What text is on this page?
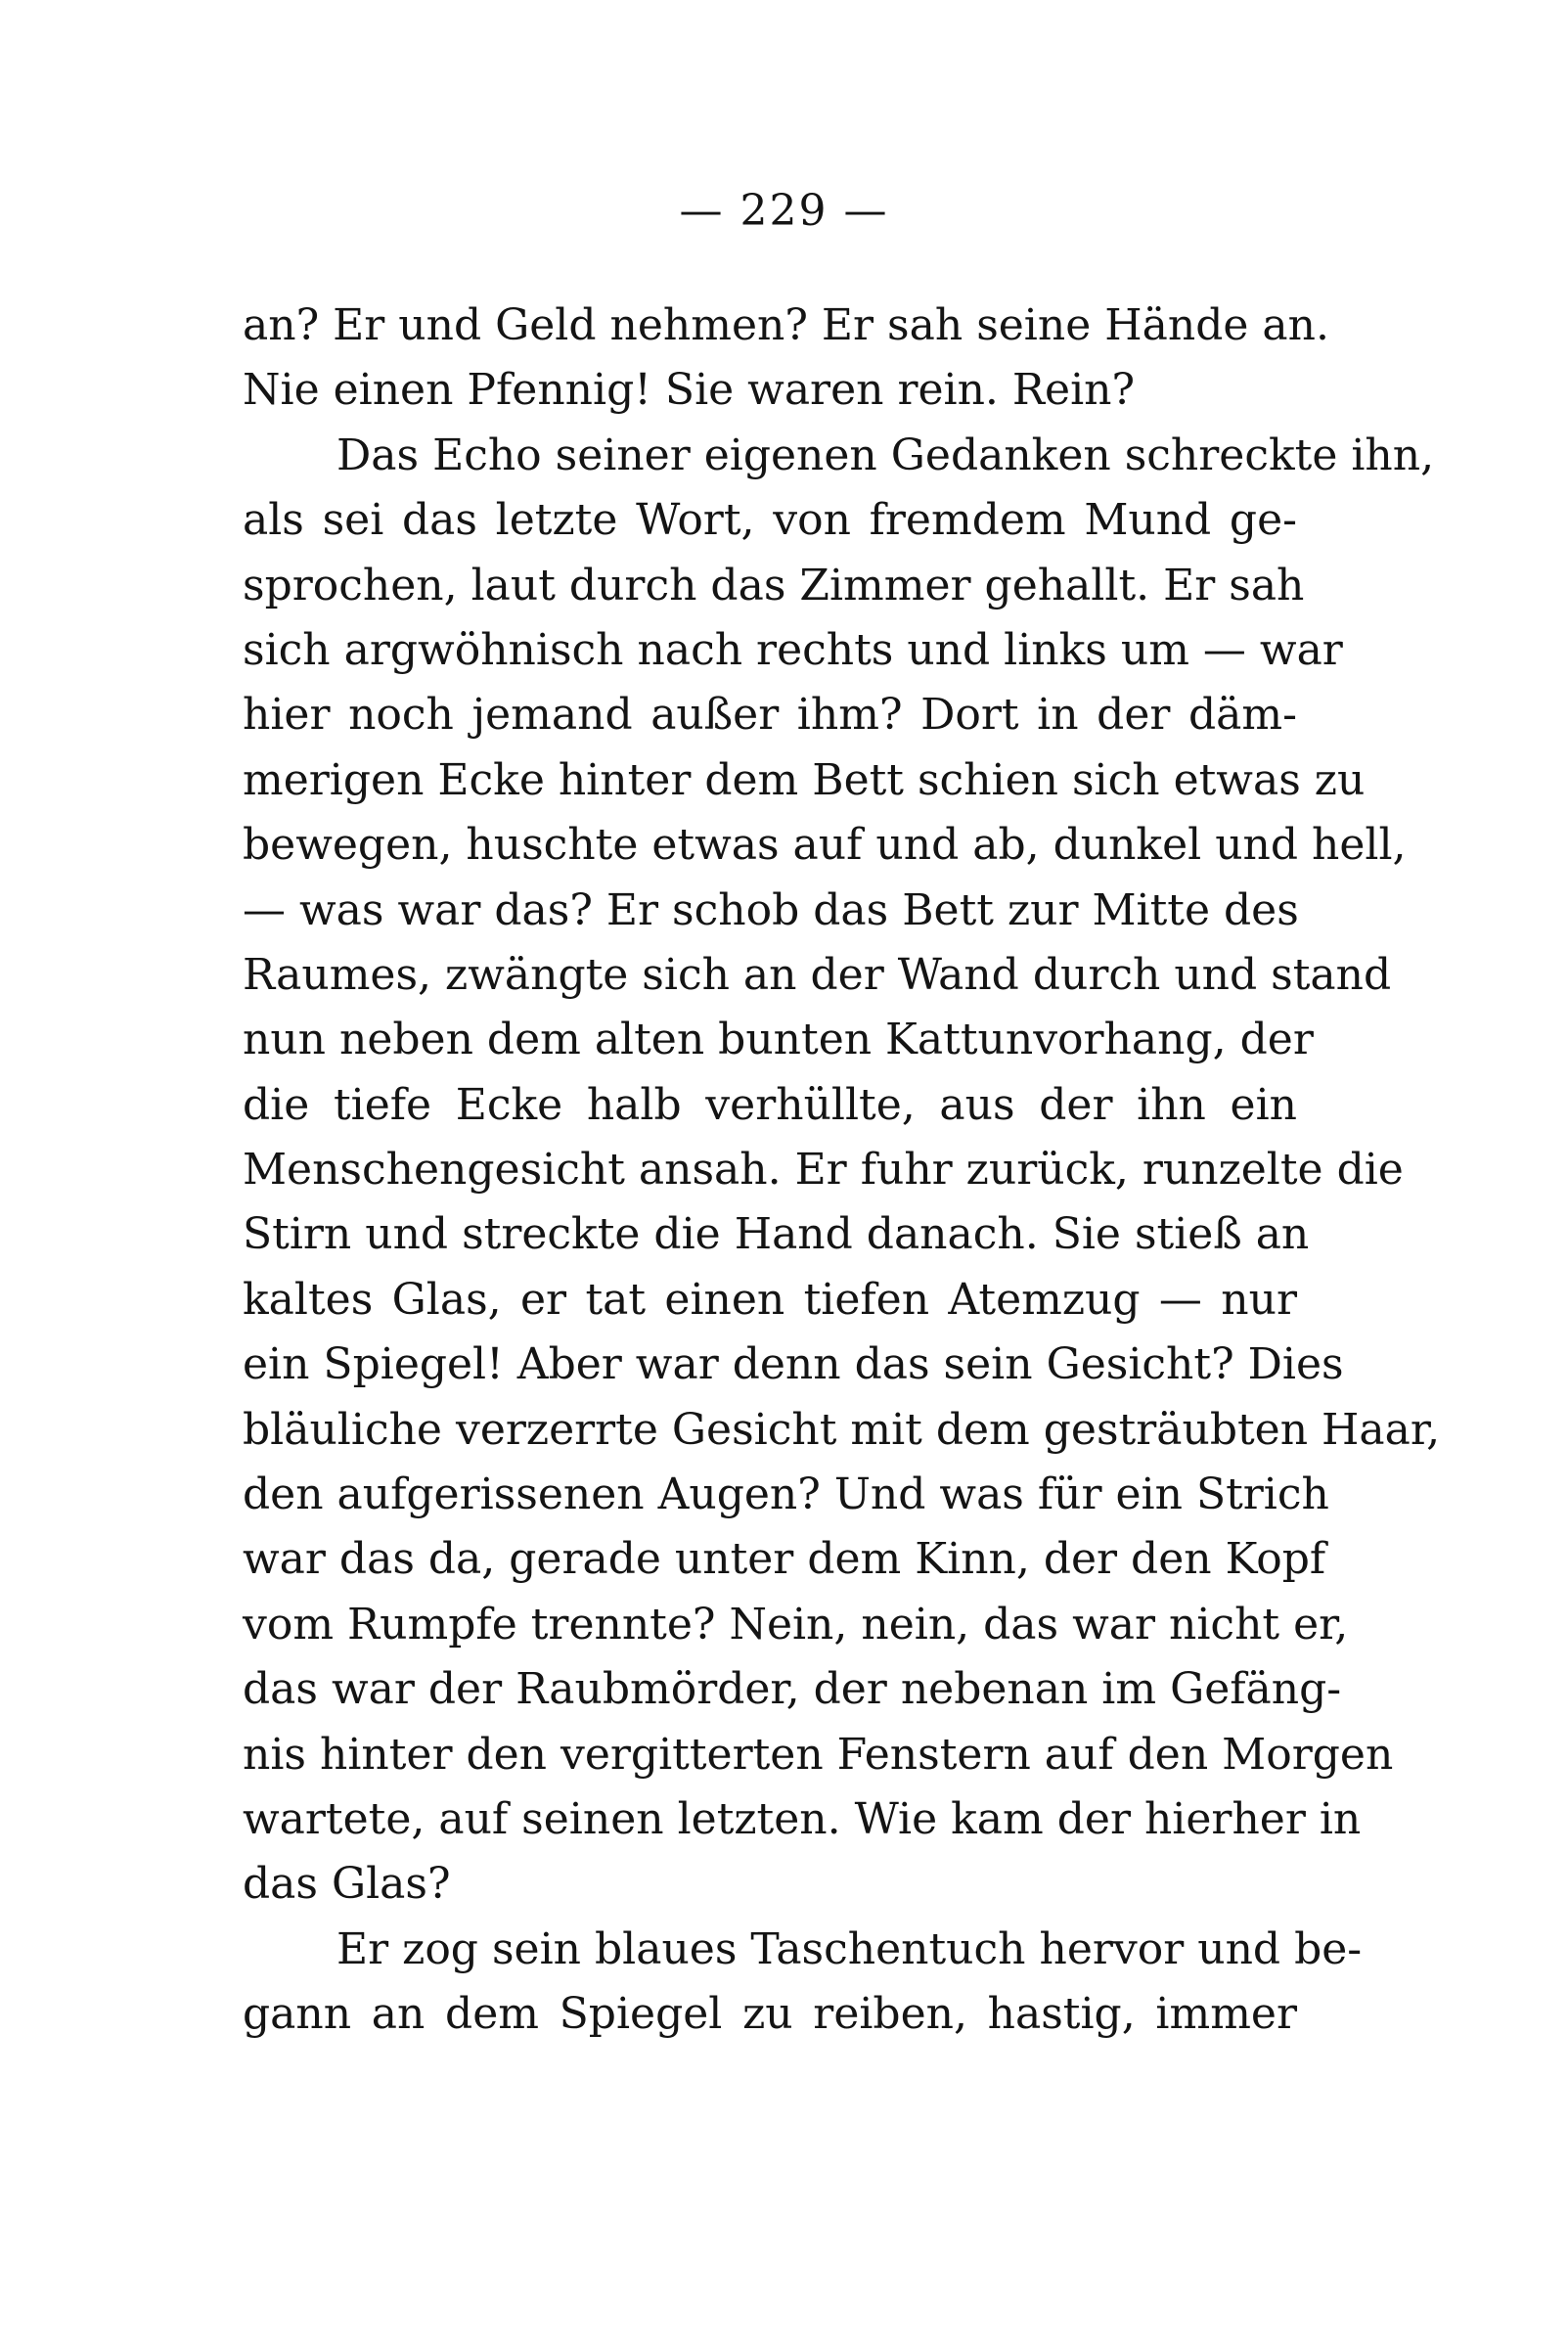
— 229 —
an? Er und Geld nehmen? Er sah seine Hände an.
Nie einen Pfennig! Sie waren rein. Rein?
Das Echo seiner eigenen Gedanken schreckte ihn,
als sei das letzte Wort, von fremdem Mund ge-
sprochen, laut durch das Zimmer gehallt. Er sah
sich argwöhnisch nach rechts und links um — war
hier noch jemand außer ihm? Dort in der däm-
merigen Ecke hinter dem Bett schien sich etwas zu
bewegen, huschte etwas auf und ab, dunkel und hell,
— was war das? Er schob das Bett zur Mitte des
Raumes, zwängte sich an der Wand durch und stand
nun neben dem alten bunten Kattunvorhang, der
die tiefe Ecke halb verhüllte, aus der ihn ein
Menschengesicht ansah. Er fuhr zurück, runzelte die
Stirn und streckte die Hand danach. Sie stieß an
kaltes Glas, er tat einen tiefen Atemzug — nur
ein Spiegel! Aber war denn das sein Gesicht? Dies
bläuliche verzerrte Gesicht mit dem gesträubten Haar,
den aufgerissenen Augen? Und was für ein Strich
war das da, gerade unter dem Kinn, der den Kopf
vom Rumpfe trennte? Nein, nein, das war nicht er,
das war der Raubmörder, der nebenan im Gefäng-
nis hinter den vergitterten Fenstern auf den Morgen
wartete, auf seinen letzten. Wie kam der hierher in
das Glas?
Er zog sein blaues Taschentuch hervor und be-
gann an dem Spiegel zu reiben, hastig, immer
